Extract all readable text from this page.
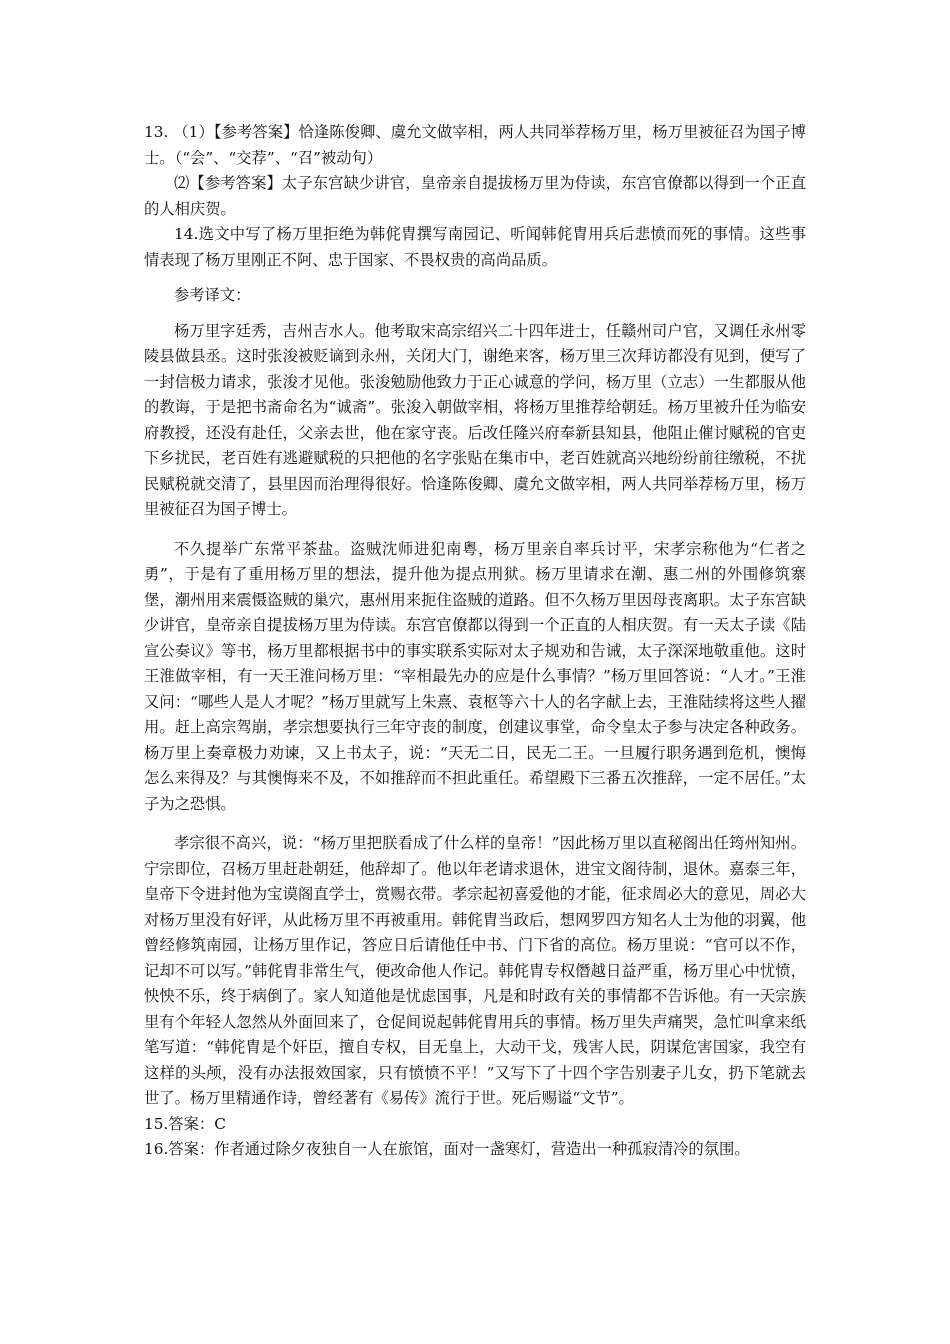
13. （1）【参考答案】恰逢陈俊卿、虞允文做宰相，两人共同举荐杨万里，杨万里被征召为国子博士。（“会”、“交荐”、“召”被动句）

⑵【参考答案】太子东宫缺少讲官，皇帝亲自提拔杨万里为侍读，东宫官僚都以得到一个正直的人相庆贺。

14.选文中写了杨万里拒绝为韩侂胄撰写南园记、听闻韩侂胄用兵后悲愤而死的事情。这些事情表现了杨万里刚正不阿、忠于国家、不畏权贵的高尚品质。

参考译文：

杨万里字廷秀，吉州吉水人。他考取宋高宗绍兴二十四年进士，任赣州司户官，又调任永州零陵县做县丞。这时张浚被贬谪到永州，关闭大门，谢绝来客，杨万里三次拜访都没有见到，便写了一封信极力请求，张浚才见他。张浚勉励他致力于正心诚意的学问，杨万里（立志）一生都服从他的教诲，于是把书斋命名为“诚斋”。张浚入朝做宰相，将杨万里推荐给朝廷。杨万里被升任为临安府教授，还没有赴任，父亲去世，他在家守丧。后改任隆兴府奉新县知县，他阻止催讨赋税的官吏下乡扰民，老百姓有逃避赋税的只把他的名字张贴在集市中，老百姓就高兴地纷纷前往缴税，不扰民赋税就交清了，县里因而治理得很好。恰逢陈俊卿、虞允文做宰相，两人共同举荐杨万里，杨万里被征召为国子博士。

不久提举广东常平茶盐。盗贼沈师进犯南粤，杨万里亲自率兵讨平，宋孝宗称他为“仁者之勇”，于是有了重用杨万里的想法，提升他为提点刑狱。杨万里请求在潮、惠二州的外围修筑寨堡，潮州用来震慑盗贼的巢穴，惠州用来扼住盗贼的道路。但不久杨万里因母丧离职。太子东宫缺少讲官，皇帝亲自提拔杨万里为侍读。东宫官僚都以得到一个正直的人相庆贺。有一天太子读《陆宣公奏议》等书，杨万里都根据书中的事实联系实际对太子规劝和告诫，太子深深地敬重他。这时王淮做宰相，有一天王淮问杨万里：“宰相最先办的应是什么事情？”杨万里回答说：“人才。”王淮又问：“哪些人是人才呢？”杨万里就写上朱熹、袁枢等六十人的名字献上去，王淮陆续将这些人擢用。赶上高宗驾崩，孝宗想要执行三年守丧的制度，创建议事堂，命令皇太子参与决定各种政务。杨万里上奏章极力劝谏，又上书太子，说：“天无二日，民无二王。一旦履行职务遇到危机，懊悔怎么来得及？与其懊悔来不及，不如推辞而不担此重任。希望殿下三番五次推辞，一定不居任。”太子为之恐惧。

孝宗很不高兴，说：“杨万里把朕看成了什么样的皇帝！”因此杨万里以直秘阁出任筠州知州。宁宗即位，召杨万里赶赴朝廷，他辞却了。他以年老请求退休，进宝文阁待制，退休。嘉泰三年，皇帝下令进封他为宝谟阁直学士，赏赐衣带。孝宗起初喜爱他的才能，征求周必大的意见，周必大对杨万里没有好评，从此杨万里不再被重用。韩侂胄当政后，想网罗四方知名人士为他的羽翼，他曾经修筑南园，让杨万里作记，答应日后请他任中书、门下省的高位。杨万里说：“官可以不作，记却不可以写。”韩侂胄非常生气，便改命他人作记。韩侂胄专权僭越日益严重，杨万里心中忧愤，怏怏不乐，终于病倒了。家人知道他是忧虑国事，凡是和时政有关的事情都不告诉他。有一天宗族里有个年轻人忽然从外面回来了，仓促间说起韩侂胄用兵的事情。杨万里失声痛哭，急忙叫拿来纸笔写道：“韩侂胄是个奸臣，擅自专权，目无皇上，大动干戈，残害人民，阴谋危害国家，我空有这样的头颅，没有办法报效国家，只有愤愤不平！”又写下了十四个字告别妻子儿女，扔下笔就去世了。杨万里精通作诗，曾经著有《易传》流行于世。死后赐谥“文节”。

15.答案：C

16.答案：作者通过除夕夜独自一人在旅馆，面对一盏寒灯，营造出一种孤寂清冷的氛围。
